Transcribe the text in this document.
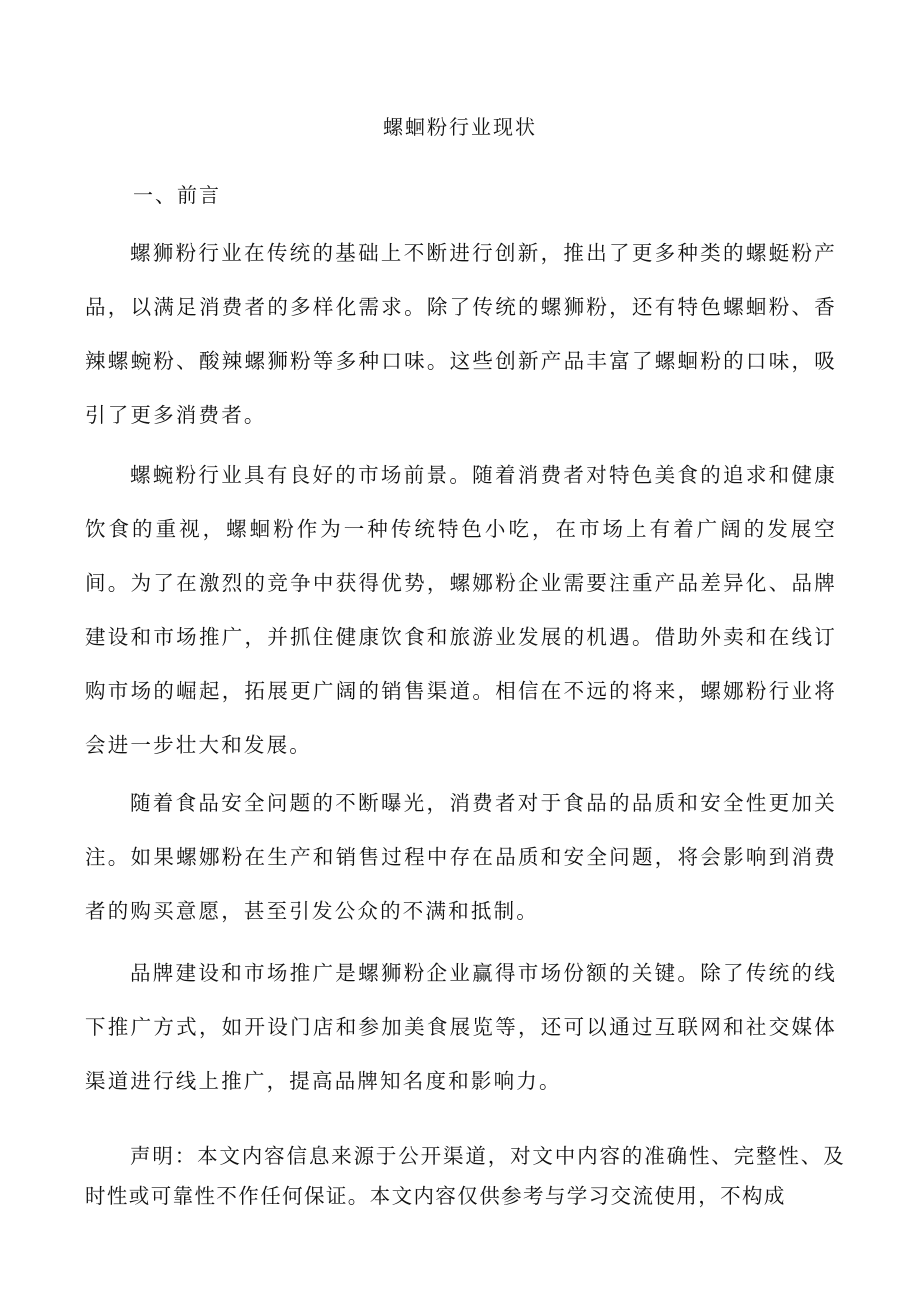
螺蛔粉行业现状
一、前言

螺狮粉行业在传统的基础上不断进行创新，推出了更多种类的螺蜓粉产品，以满足消费者的多样化需求。除了传统的螺狮粉，还有特色螺蛔粉、香辣螺蜿粉、酸辣螺狮粉等多种口味。这些创新产品丰富了螺蛔粉的口味，吸引了更多消费者。

螺蜿粉行业具有良好的市场前景。随着消费者对特色美食的追求和健康饮食的重视，螺蛔粉作为一种传统特色小吃，在市场上有着广阔的发展空间。为了在激烈的竞争中获得优势，螺娜粉企业需要注重产品差异化、品牌建设和市场推广，并抓住健康饮食和旅游业发展的机遇。借助外卖和在线订购市场的崛起，拓展更广阔的销售渠道。相信在不远的将来，螺娜粉行业将会进一步壮大和发展。

随着食品安全问题的不断曝光，消费者对于食品的品质和安全性更加关注。如果螺娜粉在生产和销售过程中存在品质和安全问题，将会影响到消费者的购买意愿，甚至引发公众的不满和抵制。

品牌建设和市场推广是螺狮粉企业赢得市场份额的关键。除了传统的线下推广方式，如开设门店和参加美食展览等，还可以通过互联网和社交媒体渠道进行线上推广，提高品牌知名度和影响力。

声明：本文内容信息来源于公开渠道，对文中内容的准确性、完整性、及时性或可靠性不作任何保证。本文内容仅供参考与学习交流使用，不构成
